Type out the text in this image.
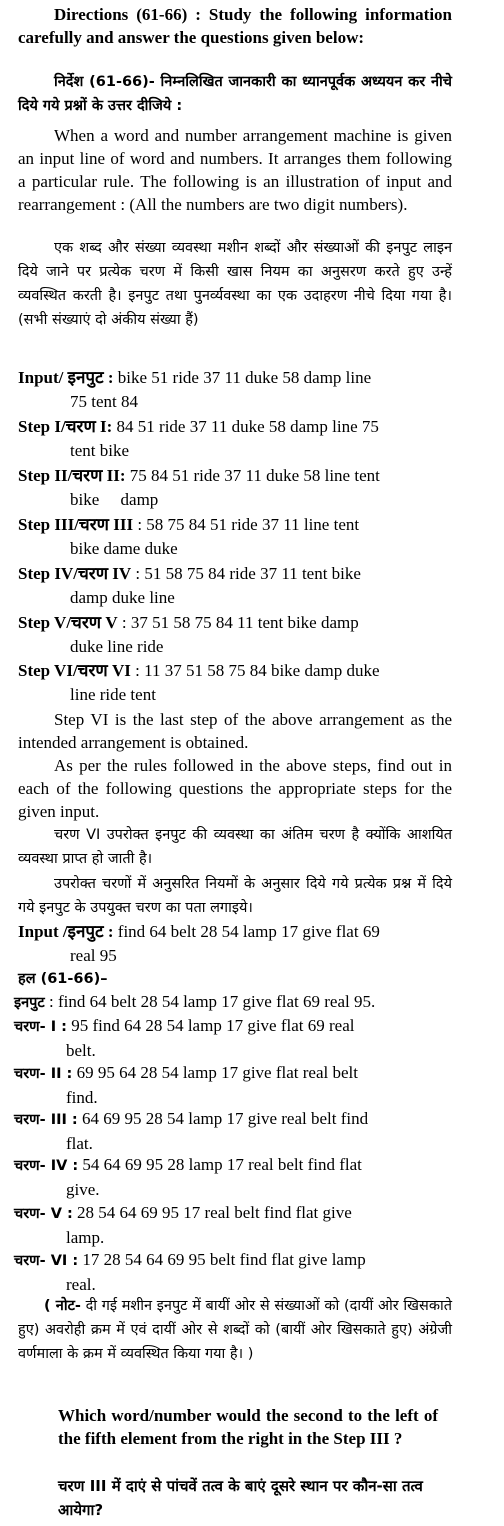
Directions (61-66) : Study the following information carefully and answer the questions given below:

निर्देश (61-66)- निम्नलिखित जानकारी का ध्यानपूर्वक अध्ययन कर नीचे दिये गये प्रश्नों के उत्तर दीजिये :

When a word and number arrangement machine is given an input line of word and numbers. It arranges them following a particular rule. The following is an illustration of input and rearrangement : (All the numbers are two digit numbers).

एक शब्द और संख्या व्यवस्था मशीन शब्दों और संख्याओं की इनपुट लाइन दिये जाने पर प्रत्येक चरण में किसी खास नियम का अनुसरण करते हुए उन्हें व्यवस्थित करती है। इनपुट तथा पुनर्व्यवस्था का एक उदाहरण नीचे दिया गया है। (सभी संख्याएं दो अंकीय संख्या हैं)

Input/ इनपुट : bike 51 ride 37 11 duke 58 damp line
75 tent 84
Step I/चरण I: 84 51 ride 37 11 duke 58 damp line 75
tent bike
Step II/चरण II: 75 84 51 ride 37 11 duke 58 line tent
bike     damp
Step III/चरण III : 58 75 84 51 ride 37 11 line tent
bike dame duke
Step IV/चरण IV : 51 58 75 84 ride 37 11 tent bike
damp duke line
Step V/चरण V : 37 51 58 75 84 11 tent bike damp
duke line ride
Step VI/चरण VI : 11 37 51 58 75 84 bike damp duke
line ride tent

Step VI is the last step of the above arrangement as the intended arrangement is obtained.

As per the rules followed in the above steps, find out in each of the following questions the appropriate steps for the given input.

चरण VI उपरोक्त इनपुट की व्यवस्था का अंतिम चरण है क्योंकि आशयित व्यवस्था प्राप्त हो जाती है।

उपरोक्त चरणों में अनुसरित नियमों के अनुसार दिये गये प्रत्येक प्रश्न में दिये गये इनपुट के उपयुक्त चरण का पता लगाइये।

Input /इनपुट : find 64 belt 28 54 lamp 17 give flat 69
real 95
हल (61-66)–
इनपुट : find 64 belt 28 54 lamp 17 give flat 69 real 95.
चरण- I : 95 find 64 28 54 lamp 17 give flat 69 real
belt.
चरण- II : 69 95 64 28 54 lamp 17 give flat real belt
find.
चरण- III : 64 69 95 28 54 lamp 17 give real belt find
flat.
चरण- IV : 54 64 69 95 28 lamp 17 real belt find flat
give.
चरण- V : 28 54 64 69 95 17 real belt find flat give
lamp.
चरण- VI : 17 28 54 64 69 95 belt find flat give lamp
real.

( नोट- दी गई मशीन इनपुट में बायीं ओर से संख्याओं को (दायीं ओर खिसकाते हुए) अवरोही क्रम में एवं दायीं ओर से शब्दों को (बायीं ओर खिसकाते हुए) अंग्रेजी वर्णमाला के क्रम में व्यवस्थित किया गया है। )

Which word/number would the second to the left of the fifth element from the right in the Step III ?

चरण III में दाएं से पांचवें तत्व के बाएं दूसरे स्थान पर कौन-सा तत्व आयेगा?
